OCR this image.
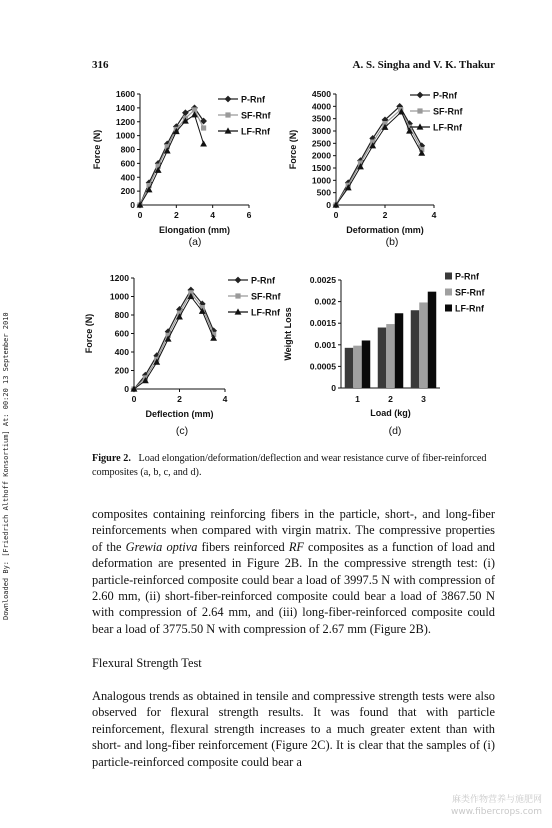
Downloaded By: [Friedrich Althoff Konsortium] At: 00:20 13 September 2010
316	A. S. Singha and V. K. Thakur
0
200
400
600
800
1000
1200
1400
1600
Force (N)
0	2	4	6
Elongation (mm)
P-Rnf
SF-Rnf
LF-Rnf
(a)
0
500
1000
1500
2000
2500
3000
3500
4000
4500
Force (N)
0	2	4
Deformation (mm)
P-Rnf
SF-Rnf
LF-Rnf
(b)
0
200
400
600
800
1000
1200
Force (N)
0	2	4
Deflection (mm)
P-Rnf
SF-Rnf
LF-Rnf
(c)
0
0.0005
0.001
0.0015
0.002
0.0025
Weight Loss
1	2	3
Load (kg)
P-Rnf
SF-Rnf
LF-Rnf
(d)
Figure 2. Load elongation/deformation/deflection and wear resistance curve of fiber-reinforced composites (a, b, c, and d).
composites containing reinforcing fibers in the particle, short-, and long-fiber reinforcements when compared with virgin matrix. The compressive properties of the Grewia optiva fibers reinforced RF composites as a function of load and deformation are presented in Figure 2B. In the compressive strength test: (i) particle-reinforced composite could bear a load of 3997.5 N with compression of 2.60 mm, (ii) short-fiber-reinforced composite could bear a load of 3867.50 N with compression of 2.64 mm, and (iii) long-fiber-reinforced composite could bear a load of 3775.50 N with compression of 2.67 mm (Figure 2B).
Flexural Strength Test
Analogous trends as obtained in tensile and compressive strength tests were also observed for flexural strength results. It was found that with particle reinforcement, flexural strength increases to a much greater extent than with short- and long-fiber reinforcement (Figure 2C). It is clear that the samples of (i) particle-reinforced composite could bear a
麻类作物营养与施肥网
www.fibercrops.com
